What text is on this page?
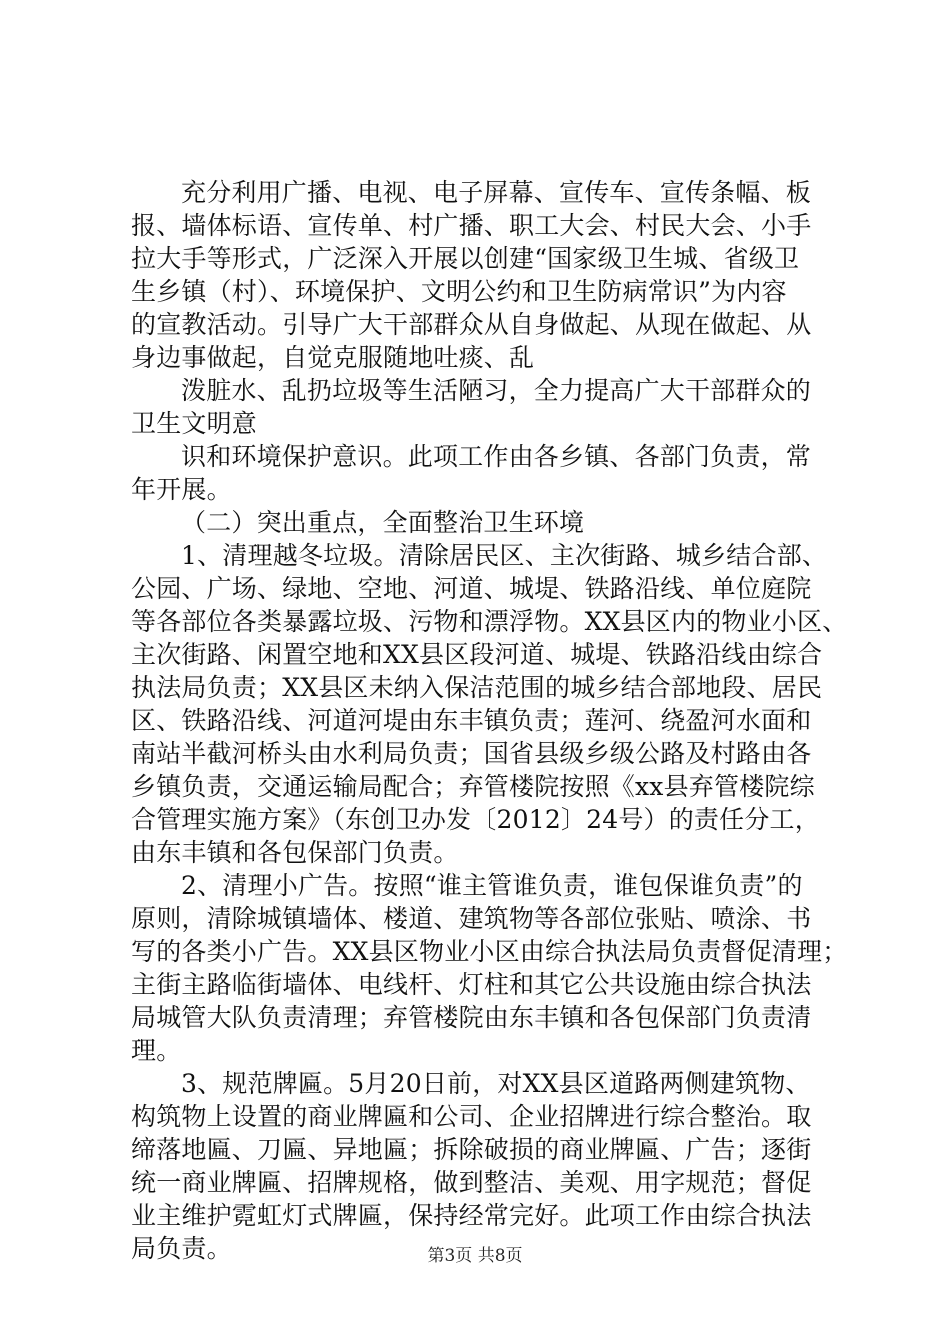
充分利用广播、电视、电子屏幕、宣传车、宣传条幅、板
报、墙体标语、宣传单、村广播、职工大会、村民大会、小手
拉大手等形式，广泛深入开展以创建“国家级卫生城、省级卫
生乡镇（村）、环境保护、文明公约和卫生防病常识”为内容
的宣教活动。引导广大干部群众从自身做起、从现在做起、从
身边事做起，自觉克服随地吐痰、乱
泼脏水、乱扔垃圾等生活陋习，全力提高广大干部群众的
卫生文明意
识和环境保护意识。此项工作由各乡镇、各部门负责，常
年开展。
（二）突出重点，全面整治卫生环境
1、清理越冬垃圾。清除居民区、主次街路、城乡结合部、
公园、广场、绿地、空地、河道、城堤、铁路沿线、单位庭院
等各部位各类暴露垃圾、污物和漂浮物。XX县区内的物业小区、
主次街路、闲置空地和XX县区段河道、城堤、铁路沿线由综合
执法局负责；XX县区未纳入保洁范围的城乡结合部地段、居民
区、铁路沿线、河道河堤由东丰镇负责；莲河、绕盈河水面和
南站半截河桥头由水利局负责；国省县级乡级公路及村路由各
乡镇负责，交通运输局配合；弃管楼院按照《xx县弃管楼院综
合管理实施方案》（东创卫办发〔2012〕24号）的责任分工，
由东丰镇和各包保部门负责。
2、清理小广告。按照“谁主管谁负责，谁包保谁负责”的
原则，清除城镇墙体、楼道、建筑物等各部位张贴、喷涂、书
写的各类小广告。XX县区物业小区由综合执法局负责督促清理；
主街主路临街墙体、电线杆、灯柱和其它公共设施由综合执法
局城管大队负责清理；弃管楼院由东丰镇和各包保部门负责清
理。
3、规范牌匾。5月20日前，对XX县区道路两侧建筑物、
构筑物上设置的商业牌匾和公司、企业招牌进行综合整治。取
缔落地匾、刀匾、异地匾；拆除破损的商业牌匾、广告；逐街
统一商业牌匾、招牌规格，做到整洁、美观、用字规范；督促
业主维护霓虹灯式牌匾，保持经常完好。此项工作由综合执法
局负责。	第3页 共8页
